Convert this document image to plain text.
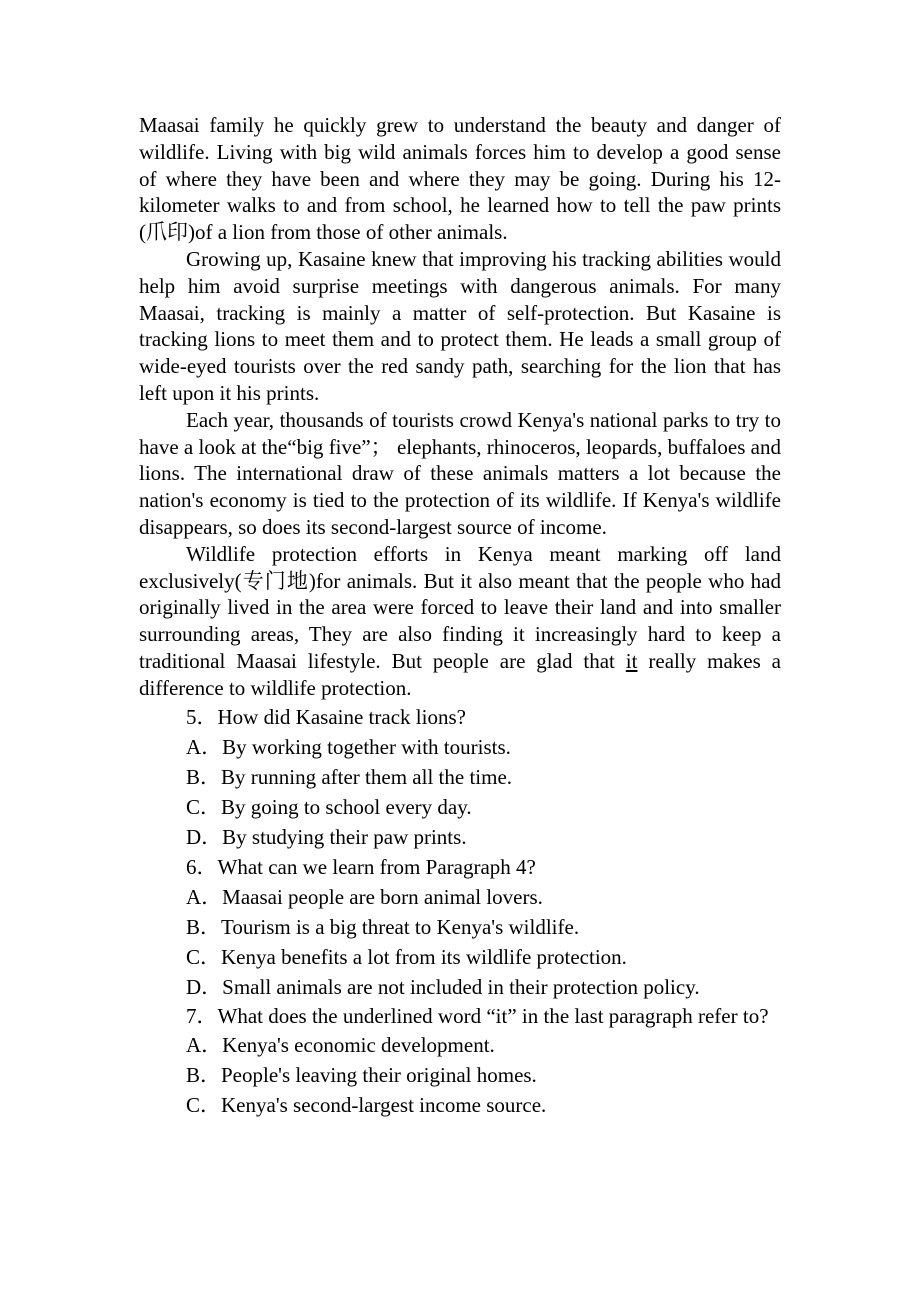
Maasai family he quickly grew to understand the beauty and danger of wildlife. Living with big wild animals forces him to develop a good sense of where they have been and where they may be going. During his 12-kilometer walks to and from school, he learned how to tell the paw prints (爪印)of a lion from those of other animals.

Growing up, Kasaine knew that improving his tracking abilities would help him avoid surprise meetings with dangerous animals. For many Maasai, tracking is mainly a matter of self-protection. But Kasaine is tracking lions to meet them and to protect them. He leads a small group of wide-eyed tourists over the red sandy path, searching for the lion that has left upon it his prints.

Each year, thousands of tourists crowd Kenya's national parks to try to have a look at the“big five”； elephants, rhinoceros, leopards, buffaloes and lions. The international draw of these animals matters a lot because the nation's economy is tied to the protection of its wildlife. If Kenya's wildlife disappears, so does its second-largest source of income.

Wildlife protection efforts in Kenya meant marking off land exclusively(专门地)for animals. But it also meant that the people who had originally lived in the area were forced to leave their land and into smaller surrounding areas, They are also finding it increasingly hard to keep a traditional Maasai lifestyle. But people are glad that it really makes a difference to wildlife protection.

5．How did Kasaine track lions?

A．By working together with tourists.

B．By running after them all the time.

C．By going to school every day.

D．By studying their paw prints.

6．What can we learn from Paragraph 4?

A．Maasai people are born animal lovers.

B．Tourism is a big threat to Kenya's wildlife.

C．Kenya benefits a lot from its wildlife protection.

D．Small animals are not included in their protection policy.

7．What does the underlined word “it” in the last paragraph refer to?

A．Kenya's economic development.

B．People's leaving their original homes.

C．Kenya's second-largest income source.
